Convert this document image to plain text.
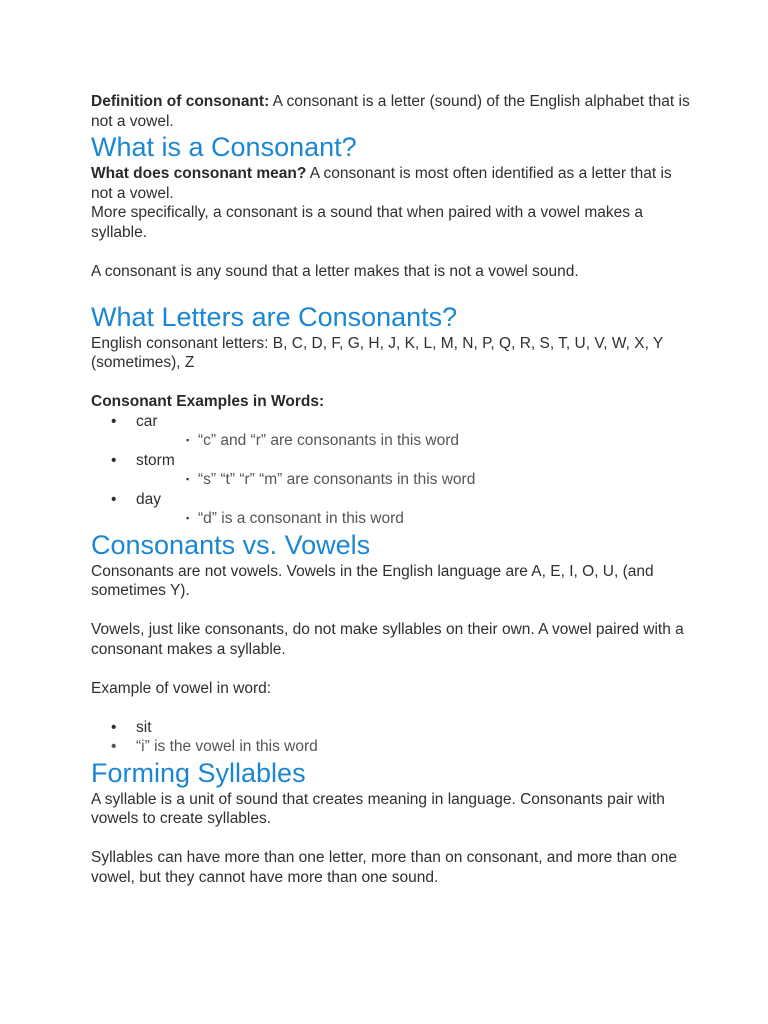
Definition of consonant: A consonant is a letter (sound) of the English alphabet that is not a vowel.

What is a Consonant?

What does consonant mean? A consonant is most often identified as a letter that is not a vowel.

More specifically, a consonant is a sound that when paired with a vowel makes a syllable.

A consonant is any sound that a letter makes that is not a vowel sound.

What Letters are Consonants?

English consonant letters: B, C, D, F, G, H, J, K, L, M, N, P, Q, R, S, T, U, V, W, X, Y (sometimes), Z

Consonant Examples in Words:

• car
▪ “c” and “r” are consonants in this word
• storm
▪ “s” “t” “r” “m” are consonants in this word
• day
▪ “d” is a consonant in this word
Consonants vs. Vowels

Consonants are not vowels. Vowels in the English language are A, E, I, O, U, (and sometimes Y).

Vowels, just like consonants, do not make syllables on their own. A vowel paired with a consonant makes a syllable.

Example of vowel in word:

• sit
• “i” is the vowel in this word
Forming Syllables

A syllable is a unit of sound that creates meaning in language. Consonants pair with vowels to create syllables.

Syllables can have more than one letter, more than on consonant, and more than one vowel, but they cannot have more than one sound.
